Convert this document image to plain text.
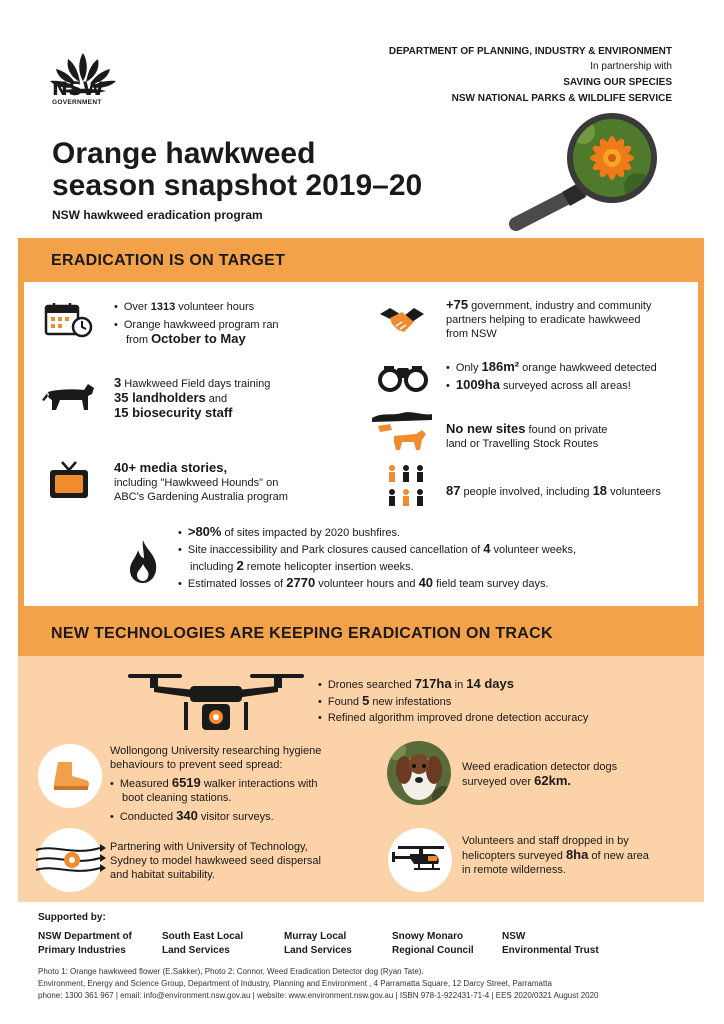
NSW
GOVERNMENT
DEPARTMENT OF PLANNING, INDUSTRY & ENVIRONMENT
In partnership with
SAVING OUR SPECIES
NSW NATIONAL PARKS & WILDLIFE SERVICE
Orange hawkweed
season snapshot 2019–20
NSW hawkweed eradication program
ERADICATION IS ON TARGET
• Over 1313 volunteer hours
• Orange hawkweed program ran
from October to May
3 Hawkweed Field days training
35 landholders and
15 biosecurity staff
40+ media stories,
including "Hawkweed Hounds" on
ABC's Gardening Australia program
+75 government, industry and community
partners helping to eradicate hawkweed
from NSW
• Only 186m² orange hawkweed detected
• 1009ha surveyed across all areas!
No new sites found on private
land or Travelling Stock Routes
87 people involved, including 18 volunteers
• >80% of sites impacted by 2020 bushfires.
• Site inaccessibility and Park closures caused cancellation of 4 volunteer weeks,
including 2 remote helicopter insertion weeks.
• Estimated losses of 2770 volunteer hours and 40 field team survey days.
NEW TECHNOLOGIES ARE KEEPING ERADICATION ON TRACK
• Drones searched 717ha in 14 days
• Found 5 new infestations
• Refined algorithm improved drone detection accuracy
Wollongong University researching hygiene
behaviours to prevent seed spread:
• Measured 6519 walker interactions with
boot cleaning stations.
• Conducted 340 visitor surveys.
Weed eradication detector dogs
surveyed over 62km.
Partnering with University of Technology,
Sydney to model hawkweed seed dispersal
and habitat suitability.
Volunteers and staff dropped in by
helicopters surveyed 8ha of new area
in remote wilderness.
Supported by:
NSW Department of
Primary Industries
South East Local
Land Services
Murray Local
Land Services
Snowy Monaro
Regional Council
NSW
Environmental Trust
Photo 1: Orange hawkweed flower (E.Sakker), Photo 2: Connor, Weed Eradication Detector dog (Ryan Tate).
Environment, Energy and Science Group, Department of Industry, Planning and Environment , 4 Parramatta Square, 12 Darcy Street, Parramatta
phone: 1300 361 967 | email: info@environment.nsw.gov.au | website: www.environment.nsw.gov.au | ISBN 978-1-922431-71-4 | EES 2020/0321 August 2020
